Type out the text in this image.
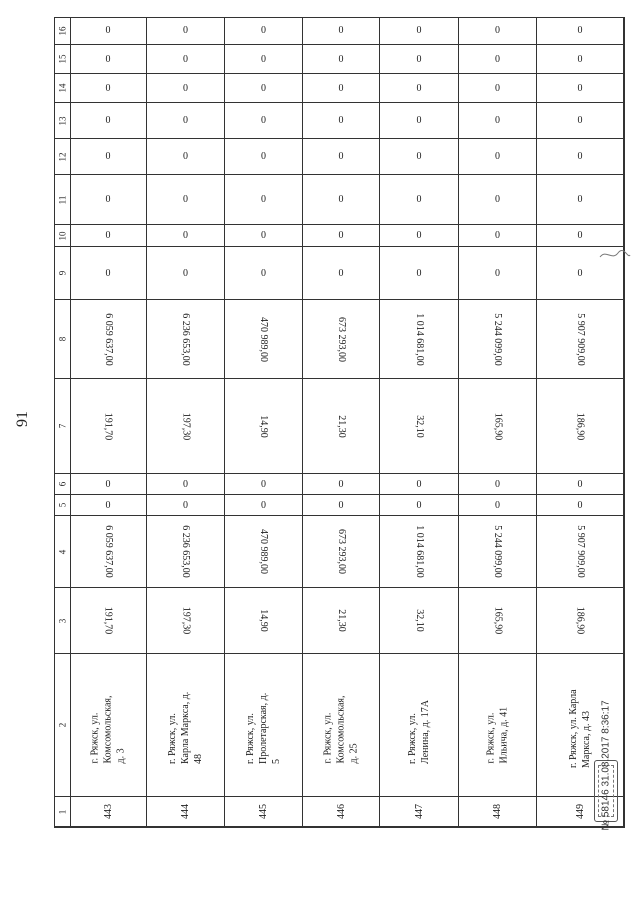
91
1
2
3
4
5
6
7
8
9
10
11
12
13
14
15
16	0
0
0
0
0
0
0
0
6 059 637,00
191,70
0
0
6 059 637,00
191,70
г. Ряжск, ул. Комсомольская, д. 3
443
0
0
0
0
0
0
0
0
6 236 653,00
197,30
0
0
6 236 653,00
197,30
г. Ряжск, ул. Карла Маркса, д. 48
444
0
0
0
0
0
0
0
0
470 989,00
14,90
0
0
470 989,00
14,90
г. Ряжск, ул. Пролетарская, д. 5
445
0
0
0
0
0
0
0
0
673 293,00
21,30
0
0
673 293,00
21,30
г. Ряжск, ул. Комсомольская, д. 25
446
0
0
0
0
0
0
0
0
1 014 681,00
32,10
0
0
1 014 681,00
32,10
г. Ряжск, ул. Ленина, д. 17А
447
0
0
0
0
0
0
0
0
5 244 099,00
165,90
0
0
5 244 099,00
165,90
г. Ряжск, ул. Ильича, д. 41
448
0
0
0
0
0
0
0
0
5 907 909,00
186,90
0
0
5 907 909,00
186,90
г. Ряжск, ул. Карла Маркса, д. 43
449 № 58146 31.08.2017 8:36:17
